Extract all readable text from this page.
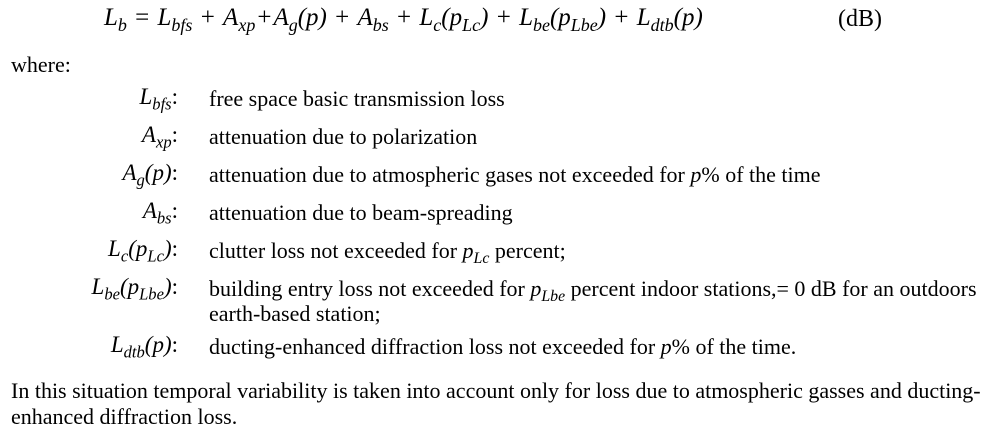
$L_b = L_{bfs} + A_{xp}+A_g(p) + A_{bs} + L_c(p_{Lc}) + L_{be}(p_{Lbe}) + L_{dtb}(p)$	(dB)
where:
$L_{bfs}$: free space basic transmission loss
$A_{xp}$: attenuation due to polarization
$A_g(p)$: attenuation due to atmospheric gases not exceeded for p% of the time
$A_{bs}$: attenuation due to beam-spreading
$L_c(p_{Lc})$: clutter loss not exceeded for $p_{Lc}$ percent;
$L_{be}(p_{Lbe})$: building entry loss not exceeded for $p_{Lbe}$ percent indoor stations,= 0 dB for an outdoors earth-based station;
$L_{dtb}(p)$: ducting-enhanced diffraction loss not exceeded for p% of the time.
In this situation temporal variability is taken into account only for loss due to atmospheric gasses and ducting-enhanced diffraction loss.
